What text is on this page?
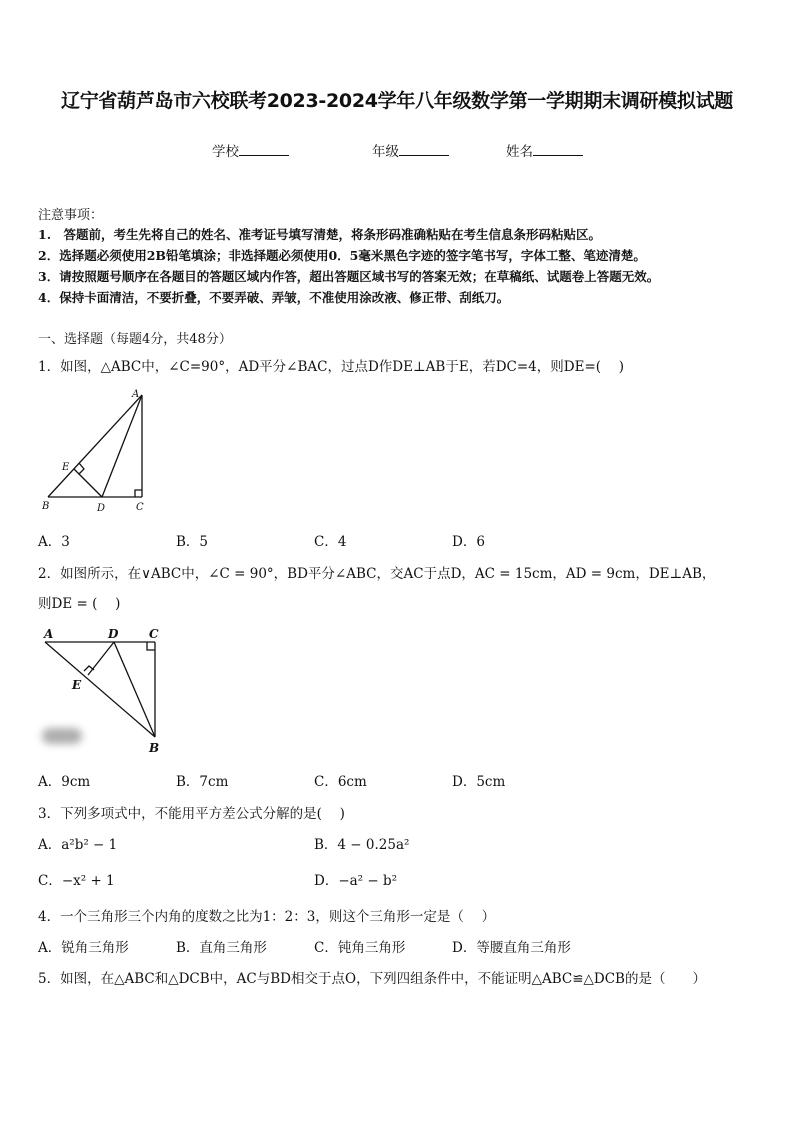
辽宁省葫芦岛市六校联考2023-2024学年八年级数学第一学期期末调研模拟试题
学校	年级	姓名
注意事项：
1.　答题前，考生先将自己的姓名、准考证号填写清楚，将条形码准确粘贴在考生信息条形码粘贴区。
2．选择题必须使用2B铅笔填涂；非选择题必须使用0．5毫米黑色字迹的签字笔书写，字体工整、笔迹清楚。
3．请按照题号顺序在各题目的答题区域内作答，超出答题区域书写的答案无效；在草稿纸、试题卷上答题无效。
4．保持卡面清洁，不要折叠，不要弄破、弄皱，不准使用涂改液、修正带、刮纸刀。
一、选择题（每题4分，共48分）
1．如图，△ABC中，∠C=90°，AD平分∠BAC，过点D作DE⊥AB于E，若DC=4，则DE=(　 )
A
B	C
D
E
A．3	B．5	C．4	D．6
2．如图所示，在∨ABC中，∠C = 90°，BD平分∠ABC，交AC于点D，AC = 15cm，AD = 9cm，DE⊥AB，
则DE = (　 )
A	D	C
E
B
A．9cm	B．7cm	C．6cm	D．5cm
3．下列多项式中，不能用平方差公式分解的是(　 )
A．a²b² − 1	B．4 − 0.25a²
C．−x² + 1	D．−a² − b²
4．一个三角形三个内角的度数之比为1：2：3，则这个三角形一定是（　 ）
A．锐角三角形	B．直角三角形	C．钝角三角形	D．等腰直角三角形
5．如图，在△ABC和△DCB中，AC与BD相交于点O，下列四组条件中，不能证明△ABC≌△DCB的是（　　）
